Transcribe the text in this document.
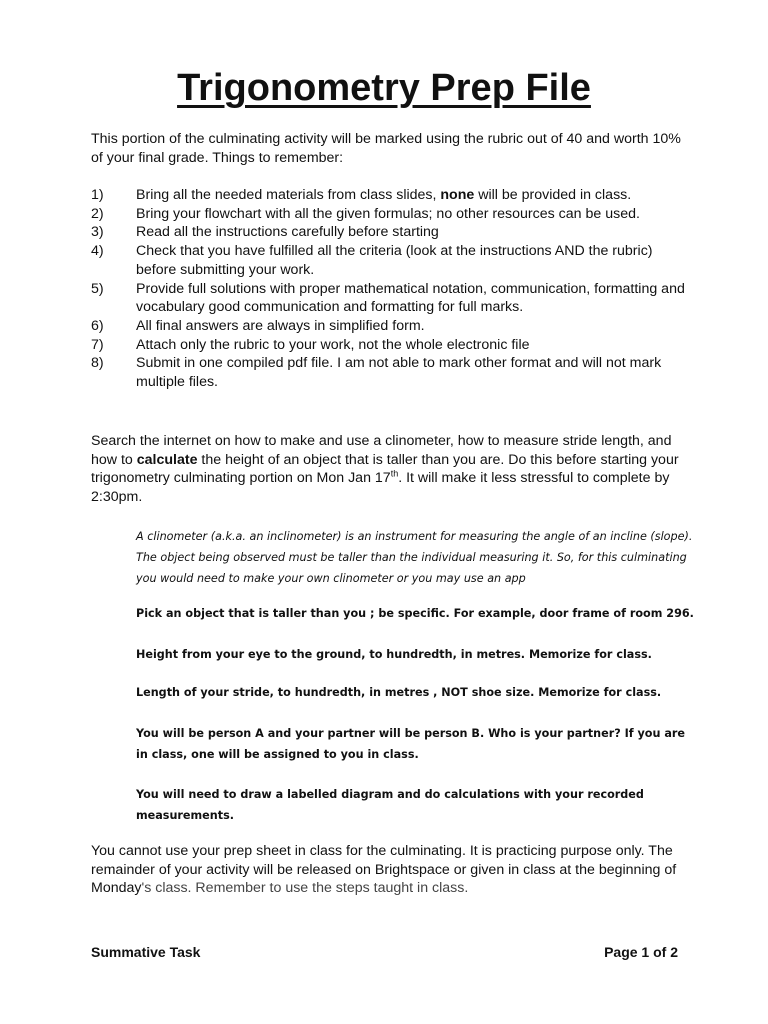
Trigonometry Prep File

This portion of the culminating activity will be marked using the rubric out of 40 and worth 10% of your final grade. Things to remember:

1)	Bring all the needed materials from class slides, none will be provided in class.
2)	Bring your flowchart with all the given formulas; no other resources can be used.
3)	Read all the instructions carefully before starting
4)	Check that you have fulfilled all the criteria (look at the instructions AND the rubric) before submitting your work.
5)	Provide full solutions with proper mathematical notation, communication, formatting and vocabulary good communication and formatting for full marks.
6)	All final answers are always in simplified form.
7)	Attach only the rubric to your work, not the whole electronic file
8)	Submit in one compiled pdf file. I am not able to mark other format and will not mark multiple files.

Search the internet on how to make and use a clinometer, how to measure stride length, and how to calculate the height of an object that is taller than you are. Do this before starting your trigonometry culminating portion on Mon Jan 17th. It will make it less stressful to complete by 2:30pm.

A clinometer (a.k.a. an inclinometer) is an instrument for measuring the angle of an incline (slope). The object being observed must be taller than the individual measuring it. So, for this culminating you would need to make your own clinometer or you may use an app

Pick an object that is taller than you ; be specific. For example, door frame of room 296.

Height from your eye to the ground, to hundredth, in metres. Memorize for class.

Length of your stride, to hundredth, in metres , NOT shoe size. Memorize for class.

You will be person A and your partner will be person B. Who is your partner? If you are in class, one will be assigned to you in class.

You will need to draw a labelled diagram and do calculations with your recorded measurements.

You cannot use your prep sheet in class for the culminating. It is practicing purpose only. The remainder of your activity will be released on Brightspace or given in class at the beginning of Monday's class. Remember to use the steps taught in class.

Summative Task	Page 1 of 2
